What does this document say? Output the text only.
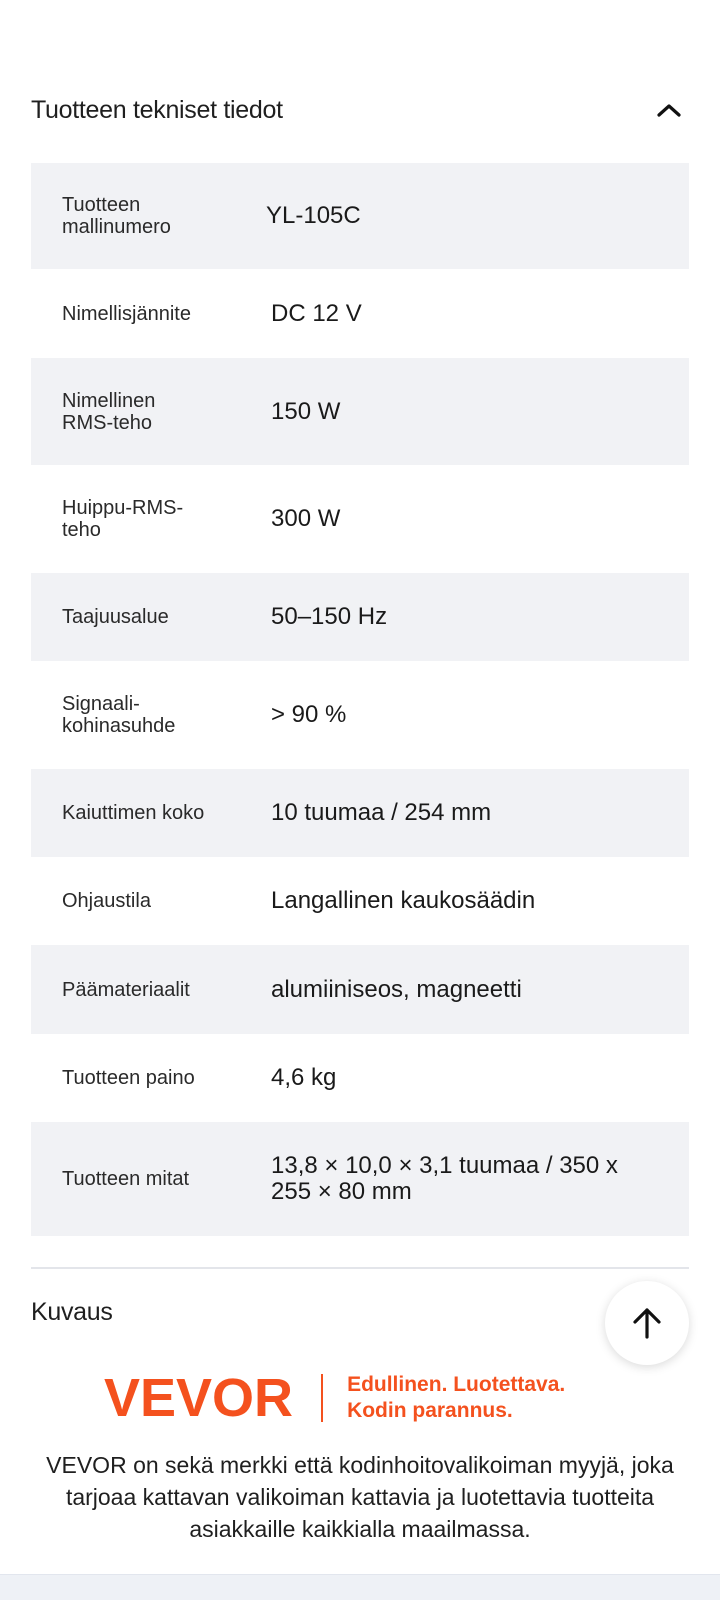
Tuotteen tekniset tiedot
Tuotteen mallinumero	YL-105C
Nimellisjännite	DC 12 V
Nimellinen RMS-teho	150 W
Huippu-RMS-teho	300 W
Taajuusalue	50–150 Hz
Signaali-kohinasuhde	> 90 %
Kaiuttimen koko	10 tuumaa / 254 mm
Ohjaustila	Langallinen kaukosäädin
Päämateriaalit	alumiiniseos, magneetti
Tuotteen paino	4,6 kg
Tuotteen mitat	13,8 × 10,0 × 3,1 tuumaa / 350 x 255 × 80 mm
Kuvaus
VEVOR	Edullinen. Luotettava.
Kodin parannus.
VEVOR on sekä merkki että kodinhoitovalikoiman myyjä, joka tarjoaa kattavan valikoiman kattavia ja luotettavia tuotteita asiakkaille kaikkialla maailmassa.
